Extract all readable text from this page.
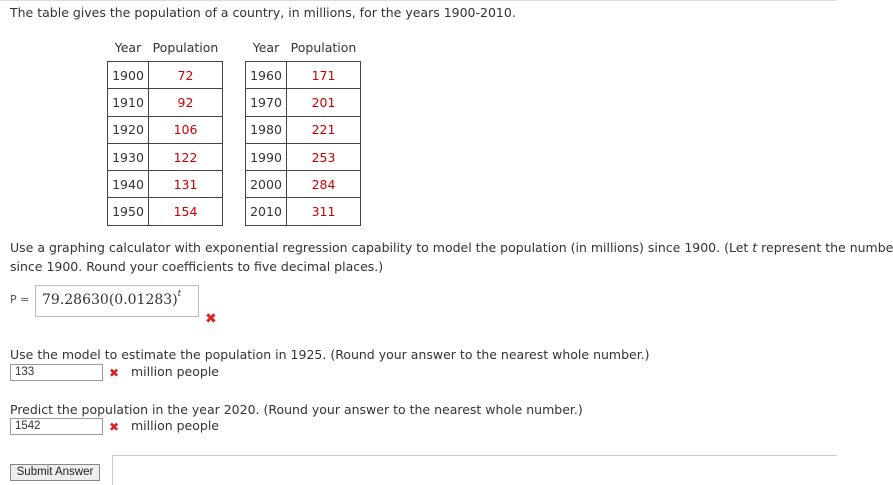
The table gives the population of a country, in millions, for the years 1900-2010.
Year	Population
1900	72
1910	92
1920	106
1930	122
1940	131
1950	154
Year	Population
1960	171
1970	201
1980	221
1990	253
2000	284
2010	311
Use a graphing calculator with exponential regression capability to model the population (in millions) since 1900. (Let t represent the numbe
since 1900. Round your coefficients to five decimal places.)
$P = 79.28630(0.01283)^t$
✖
Use the model to estimate the population in 1925. (Round your answer to the nearest whole number.)
133	✖ million people
Predict the population in the year 2020. (Round your answer to the nearest whole number.)
1542	✖ million people
Submit Answer
